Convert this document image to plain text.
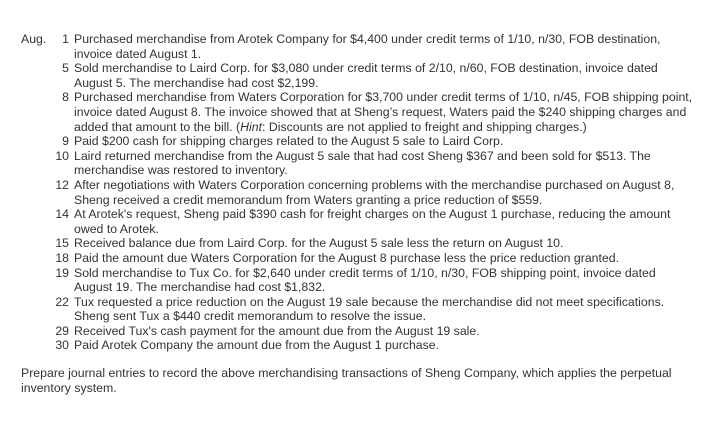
Aug.	1 Purchased merchandise from Arotek Company for $4,400 under credit terms of 1/10, n/30, FOB destination, invoice dated August 1.
5 Sold merchandise to Laird Corp. for $3,080 under credit terms of 2/10, n/60, FOB destination, invoice dated August 5. The merchandise had cost $2,199.
8 Purchased merchandise from Waters Corporation for $3,700 under credit terms of 1/10, n/45, FOB shipping point, invoice dated August 8. The invoice showed that at Sheng’s request, Waters paid the $240 shipping charges and added that amount to the bill. (Hint: Discounts are not applied to freight and shipping charges.)
9 Paid $200 cash for shipping charges related to the August 5 sale to Laird Corp.
10 Laird returned merchandise from the August 5 sale that had cost Sheng $367 and been sold for $513. The merchandise was restored to inventory.
12 After negotiations with Waters Corporation concerning problems with the merchandise purchased on August 8, Sheng received a credit memorandum from Waters granting a price reduction of $559.
14 At Arotek's request, Sheng paid $390 cash for freight charges on the August 1 purchase, reducing the amount owed to Arotek.
15 Received balance due from Laird Corp. for the August 5 sale less the return on August 10.
18 Paid the amount due Waters Corporation for the August 8 purchase less the price reduction granted.
19 Sold merchandise to Tux Co. for $2,640 under credit terms of 1/10, n/30, FOB shipping point, invoice dated August 19. The merchandise had cost $1,832.
22 Tux requested a price reduction on the August 19 sale because the merchandise did not meet specifications. Sheng sent Tux a $440 credit memorandum to resolve the issue.
29 Received Tux's cash payment for the amount due from the August 19 sale.
30 Paid Arotek Company the amount due from the August 1 purchase.

Prepare journal entries to record the above merchandising transactions of Sheng Company, which applies the perpetual inventory system.
